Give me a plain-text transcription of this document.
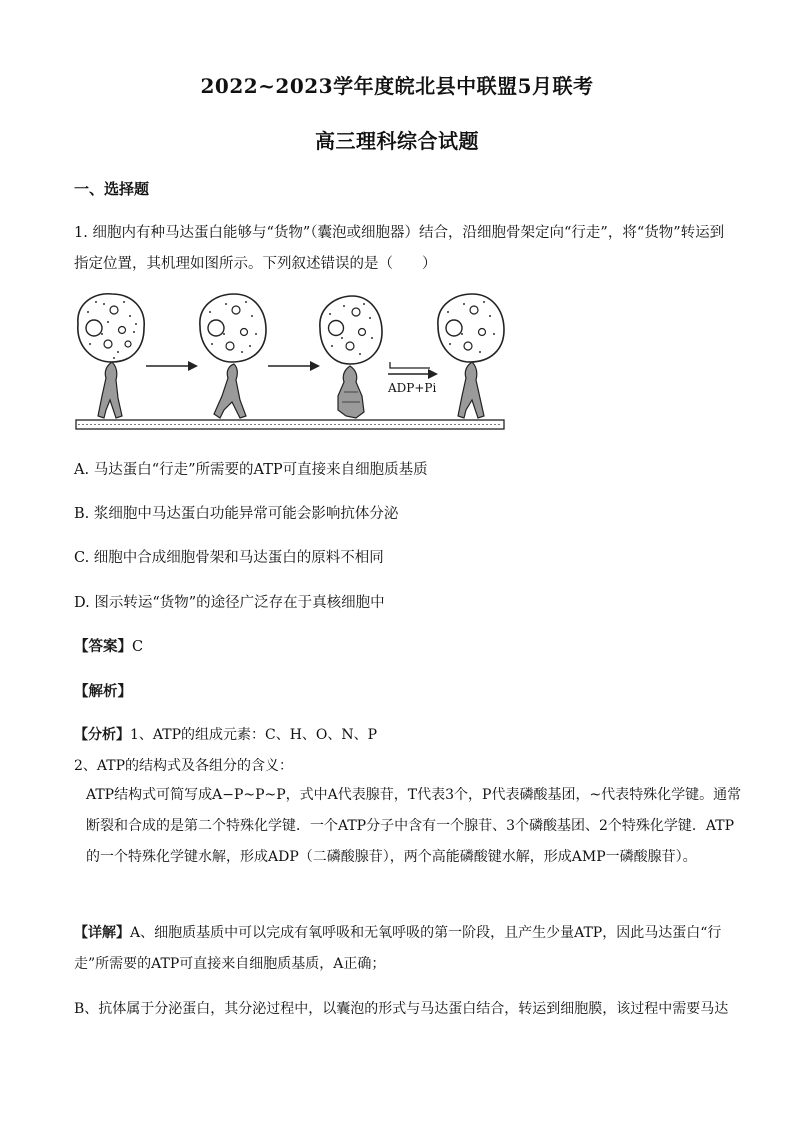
2022~2023学年度皖北县中联盟5月联考
高三理科综合试题
一、选择题
1. 细胞内有种马达蛋白能够与“货物”（囊泡或细胞器）结合，沿细胞骨架定向“行走”，将“货物”转运到指定位置，其机理如图所示。下列叙述错误的是（　　）
ADP+Pi
A. 马达蛋白“行走”所需要的ATP可直接来自细胞质基质
B. 浆细胞中马达蛋白功能异常可能会影响抗体分泌
C. 细胞中合成细胞骨架和马达蛋白的原料不相同
D. 图示转运“货物”的途径广泛存在于真核细胞中
【答案】C
【解析】
【分析】1、ATP的组成元素：C、H、O、N、P
2、ATP的结构式及各组分的含义：
ATP结构式可简写成A−P~P~P，式中A代表腺苷，T代表3个，P代表磷酸基团，~代表特殊化学键。通常断裂和合成的是第二个特殊化学键．一个ATP分子中含有一个腺苷、3个磷酸基团、2个特殊化学键．ATP的一个特殊化学键水解，形成ADP（二磷酸腺苷），两个高能磷酸键水解，形成AMP一磷酸腺苷）。
【详解】A、细胞质基质中可以完成有氧呼吸和无氧呼吸的第一阶段，且产生少量ATP，因此马达蛋白“行走”所需要的ATP可直接来自细胞质基质，A正确；
B、抗体属于分泌蛋白，其分泌过程中，以囊泡的形式与马达蛋白结合，转运到细胞膜，该过程中需要马达
